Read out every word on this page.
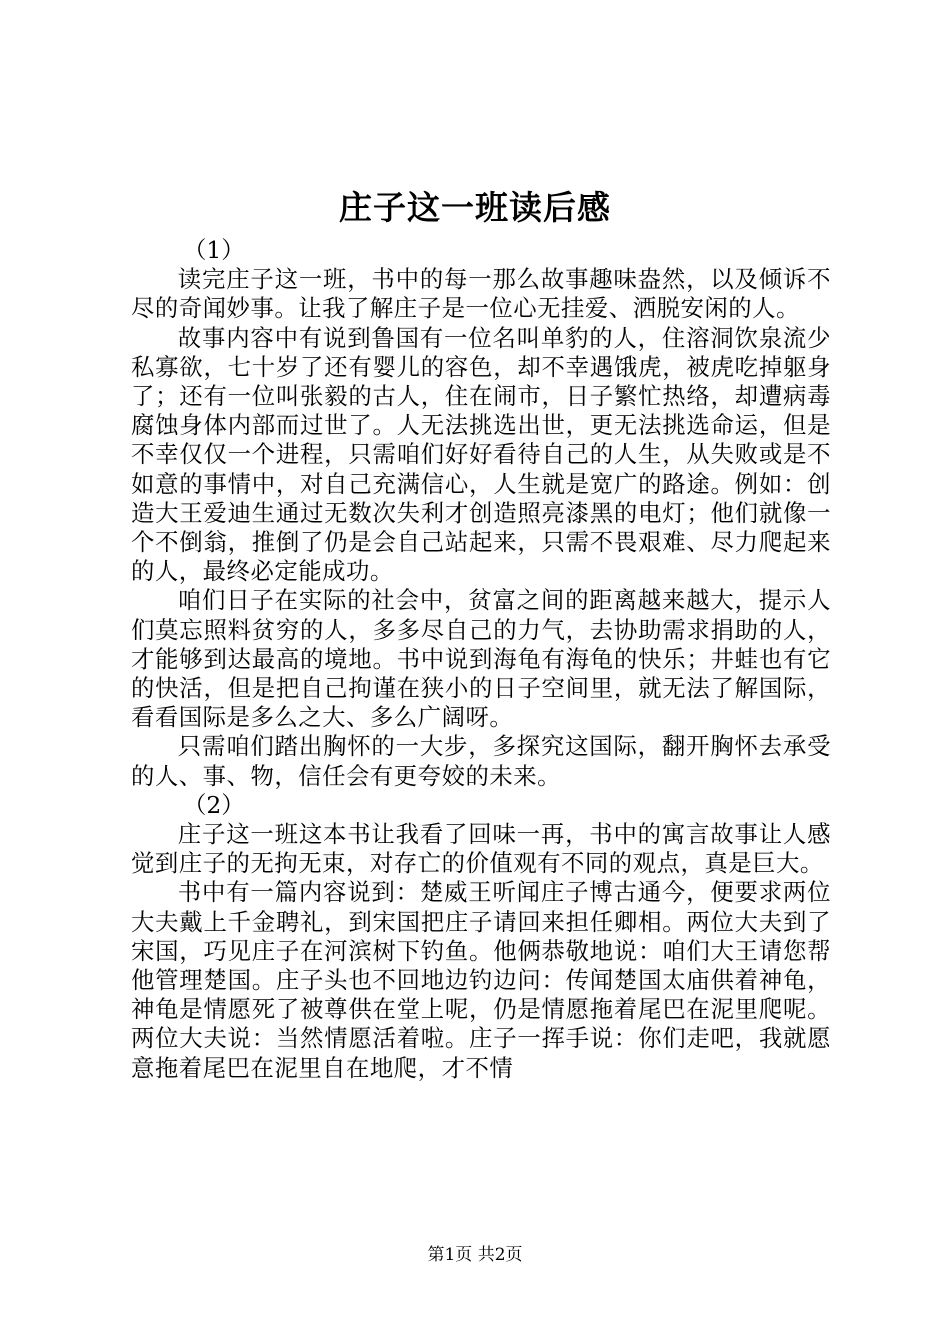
庄子这一班读后感

（1）

读完庄子这一班，书中的每一那么故事趣味盎然，以及倾诉不尽的奇闻妙事。让我了解庄子是一位心无挂爱、洒脱安闲的人。

故事内容中有说到鲁国有一位名叫单豹的人，住溶洞饮泉流少私寡欲，七十岁了还有婴儿的容色，却不幸遇饿虎，被虎吃掉躯身了；还有一位叫张毅的古人，住在闹市，日子繁忙热络，却遭病毒腐蚀身体内部而过世了。人无法挑选出世，更无法挑选命运，但是不幸仅仅一个进程，只需咱们好好看待自己的人生，从失败或是不如意的事情中，对自己充满信心，人生就是宽广的路途。例如：创造大王爱迪生通过无数次失利才创造照亮漆黑的电灯；他们就像一个不倒翁，推倒了仍是会自己站起来，只需不畏艰难、尽力爬起来的人，最终必定能成功。

咱们日子在实际的社会中，贫富之间的距离越来越大，提示人们莫忘照料贫穷的人，多多尽自己的力气，去协助需求捐助的人，才能够到达最高的境地。书中说到海龟有海龟的快乐；井蛙也有它的快活，但是把自己拘谨在狭小的日子空间里，就无法了解国际，看看国际是多么之大、多么广阔呀。

只需咱们踏出胸怀的一大步，多探究这国际，翻开胸怀去承受的人、事、物，信任会有更夸姣的未来。

（2）

庄子这一班这本书让我看了回味一再，书中的寓言故事让人感觉到庄子的无拘无束，对存亡的价值观有不同的观点，真是巨大。

书中有一篇内容说到：楚威王听闻庄子博古通今，便要求两位大夫戴上千金聘礼，到宋国把庄子请回来担任卿相。两位大夫到了宋国，巧见庄子在河滨树下钓鱼。他俩恭敬地说：咱们大王请您帮他管理楚国。庄子头也不回地边钓边问：传闻楚国太庙供着神龟，神龟是情愿死了被尊供在堂上呢，仍是情愿拖着尾巴在泥里爬呢。两位大夫说：当然情愿活着啦。庄子一挥手说：你们走吧，我就愿意拖着尾巴在泥里自在地爬，才不情

第1页 共2页
